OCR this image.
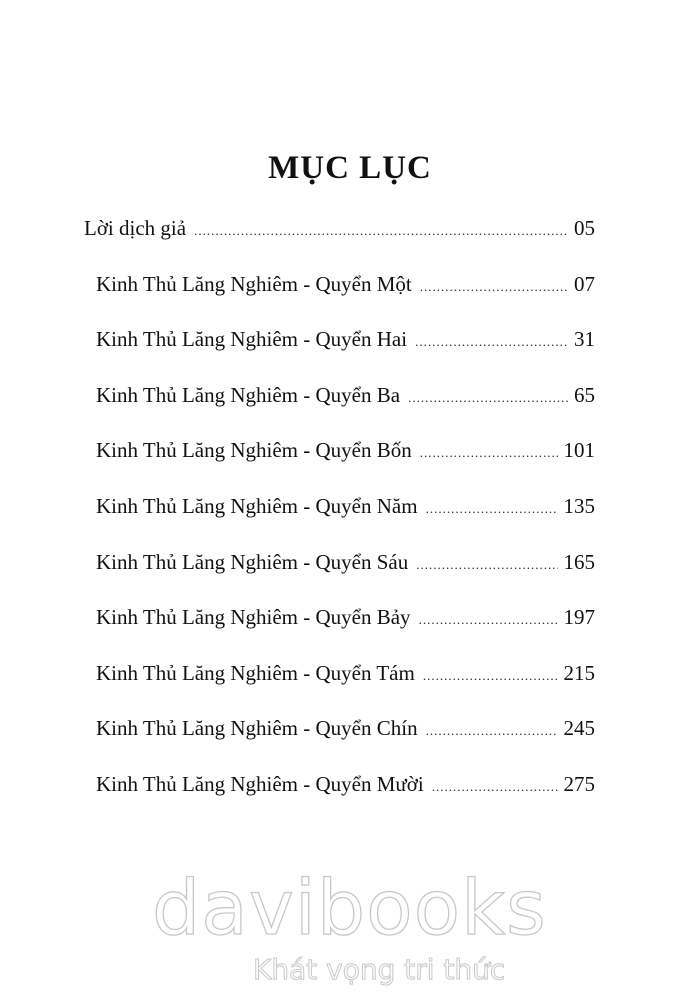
MỤC LỤC
Lời dịch giả .....	05
Kinh Thủ Lăng Nghiêm - Quyển Một .....	07
Kinh Thủ Lăng Nghiêm - Quyển Hai .....	31
Kinh Thủ Lăng Nghiêm - Quyển Ba .....	65
Kinh Thủ Lăng Nghiêm - Quyển Bốn .....	101
Kinh Thủ Lăng Nghiêm - Quyển Năm .....	135
Kinh Thủ Lăng Nghiêm - Quyển Sáu .....	165
Kinh Thủ Lăng Nghiêm - Quyển Bảy .....	197
Kinh Thủ Lăng Nghiêm - Quyển Tám .....	215
Kinh Thủ Lăng Nghiêm - Quyển Chín .....	245
Kinh Thủ Lăng Nghiêm - Quyển Mười .....	275
davibooks
Khát vọng tri thức
